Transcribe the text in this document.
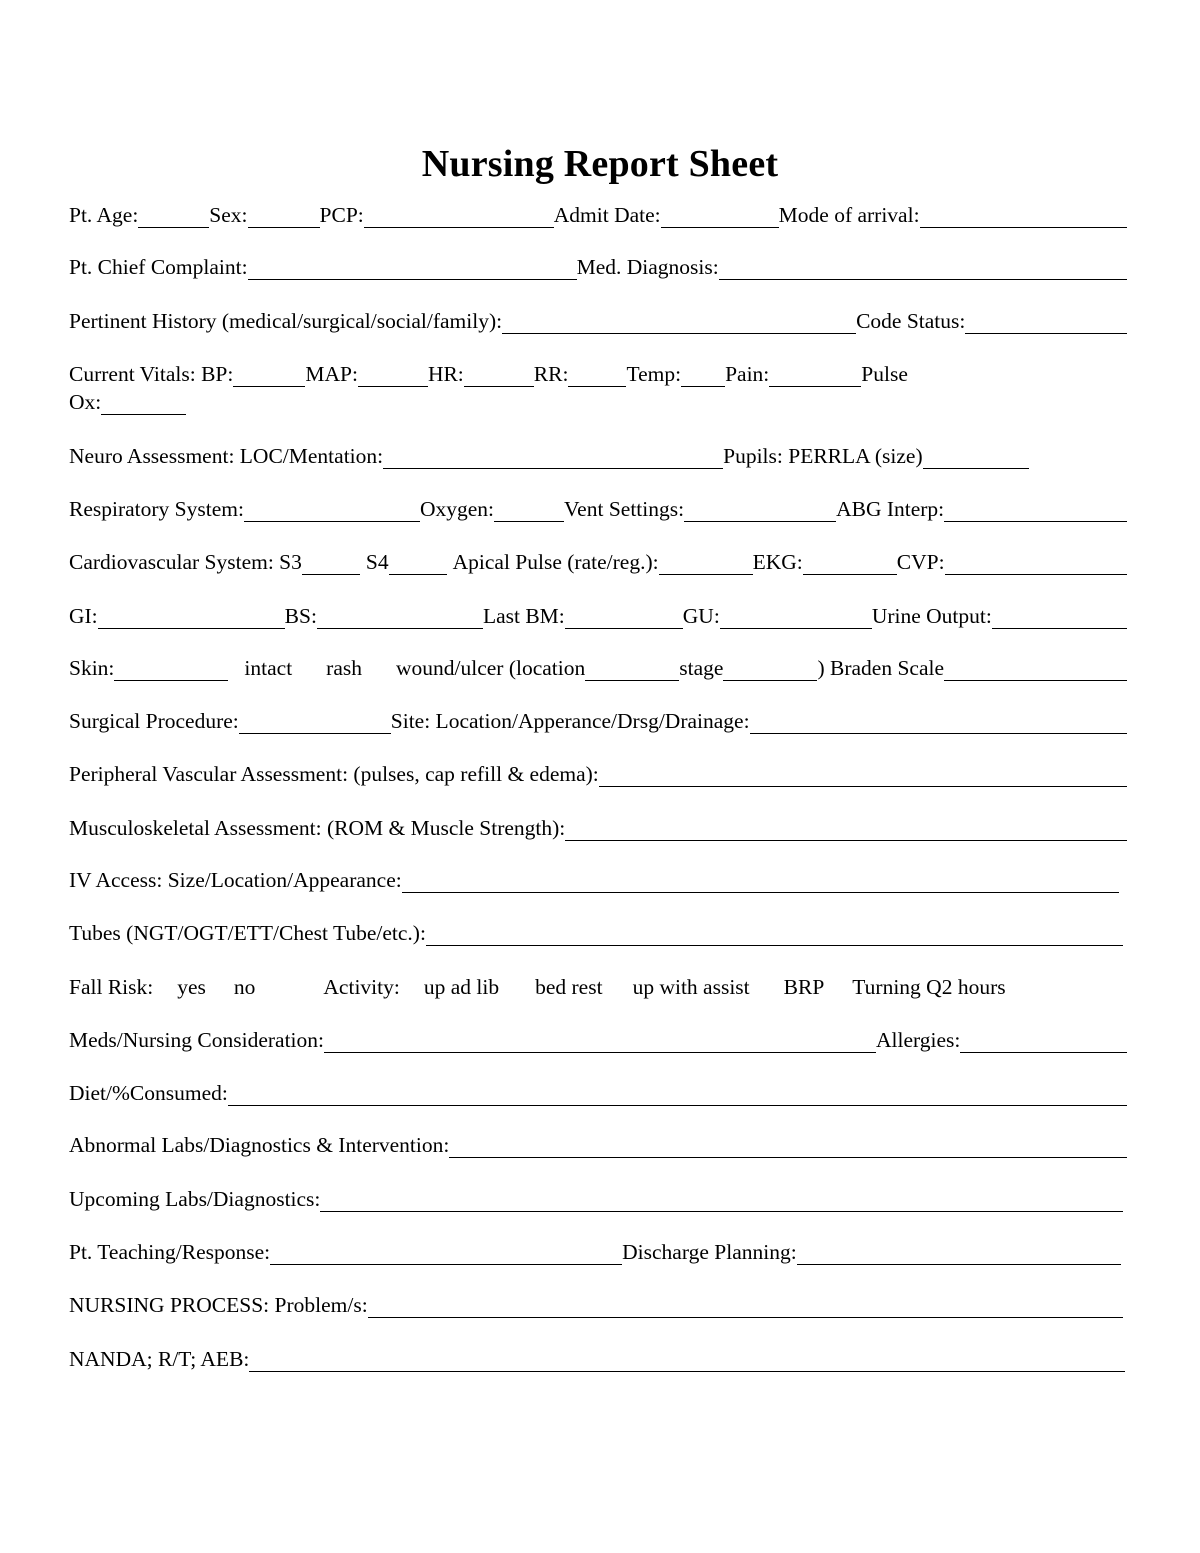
Nursing Report Sheet
Pt. Age:	Sex:	PCP:	Admit Date:	Mode of arrival:
Pt. Chief Complaint:	Med. Diagnosis:
Pertinent History (medical/surgical/social/family):	Code Status:
Current Vitals: BP:	MAP:	HR:	RR:	Temp: Pain:	Pulse
Ox:
Neuro Assessment: LOC/Mentation:	Pupils: PERRLA (size)
Respiratory System:	Oxygen:	Vent Settings:	ABG Interp:
Cardiovascular System: S3	S4	Apical Pulse (rate/reg.):	EKG:	CVP:
GI:	BS:	Last BM:	GU:	Urine Output:
Skin:	intact rash wound/ulcer (location	stage	) Braden Scale
Surgical Procedure:	Site: Location/Apperance/Drsg/Drainage:
Peripheral Vascular Assessment: (pulses, cap refill & edema):
Musculoskeletal Assessment: (ROM & Muscle Strength):
IV Access: Size/Location/Appearance:
Tubes (NGT/OGT/ETT/Chest Tube/etc.):
Fall Risk: yes no	Activity: up ad lib bed rest up with assist BRP Turning Q2 hours
Meds/Nursing Consideration:	Allergies:
Diet/%Consumed:
Abnormal Labs/Diagnostics & Intervention:
Upcoming Labs/Diagnostics:
Pt. Teaching/Response:	Discharge Planning:
NURSING PROCESS: Problem/s:
NANDA; R/T; AEB:
